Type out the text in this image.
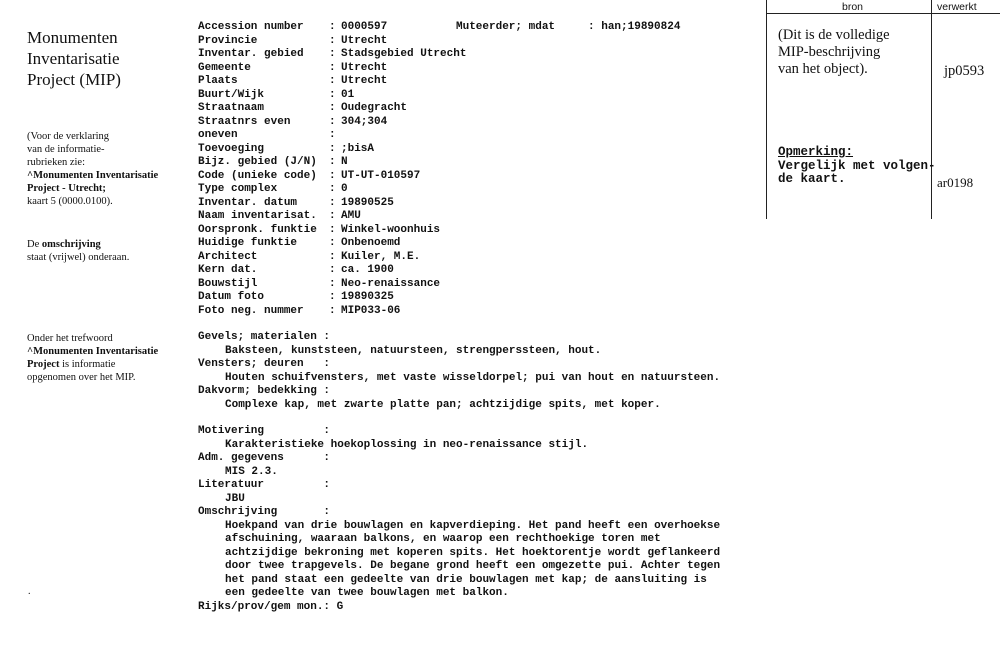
Monumenten
Inventarisatie
Project (MIP)
(Voor de verklaring
van de informatie-
rubrieken zie:
^Monumenten Inventarisatie
Project - Utrecht;
kaart 5 (0000.0100).
De omschrijving
staat (vrijwel) onderaan.
Onder het trefwoord
^Monumenten Inventarisatie
Project is informatie
opgenomen over het MIP.
.
Muteerder; mdat     : han;19890824
Accession number : 0000597
Provincie	: Utrecht
Inventar. gebied : Stadsgebied Utrecht
Gemeente	: Utrecht
Plaats	: Utrecht
Buurt/Wijk	: 01
Straatnaam	: Oudegracht
Straatnrs even	: 304;304
oneven	:
Toevoeging	: ;bisA
Bijz. gebied (J/N) : N
Code (unieke code) : UT-UT-010597
Type complex	: 0
Inventar. datum	: 19890525
Naam inventarisat. : AMU
Oorspronk. funktie : Winkel-woonhuis
Huidige funktie	: Onbenoemd
Architect	: Kuiler, M.E.
Kern dat.	: ca. 1900
Bouwstijl	: Neo-renaissance
Datum foto	: 19890325
Foto neg. nummer : MIP033-06
Gevels; materialen :
Baksteen, kunststeen, natuursteen, strengperssteen, hout.
Vensters; deuren   :
Houten schuifvensters, met vaste wisseldorpel; pui van hout en natuursteen.
Dakvorm; bedekking :
Complexe kap, met zwarte platte pan; achtzijdige spits, met koper.
Motivering         :
Karakteristieke hoekoplossing in neo-renaissance stijl.
Adm. gegevens      :
MIS 2.3.
Literatuur         :
JBU
Omschrijving       :
Hoekpand van drie bouwlagen en kapverdieping. Het pand heeft een overhoekse
afschuining, waaraan balkons, en waarop een rechthoekige toren met
achtzijdige bekroning met koperen spits. Het hoektorentje wordt geflankeerd
door twee trapgevels. De begane grond heeft een omgezette pui. Achter tegen
het pand staat een gedeelte van drie bouwlagen met kap; de aansluiting is
een gedeelte van twee bouwlagen met balkon.
Rijks/prov/gem mon.: G
bron	verwerkt
(Dit is de volledige
MIP-beschrijving
van het object).	jp0593
Opmerking:
Vergelijk met volgen-
de kaart.	ar0198
